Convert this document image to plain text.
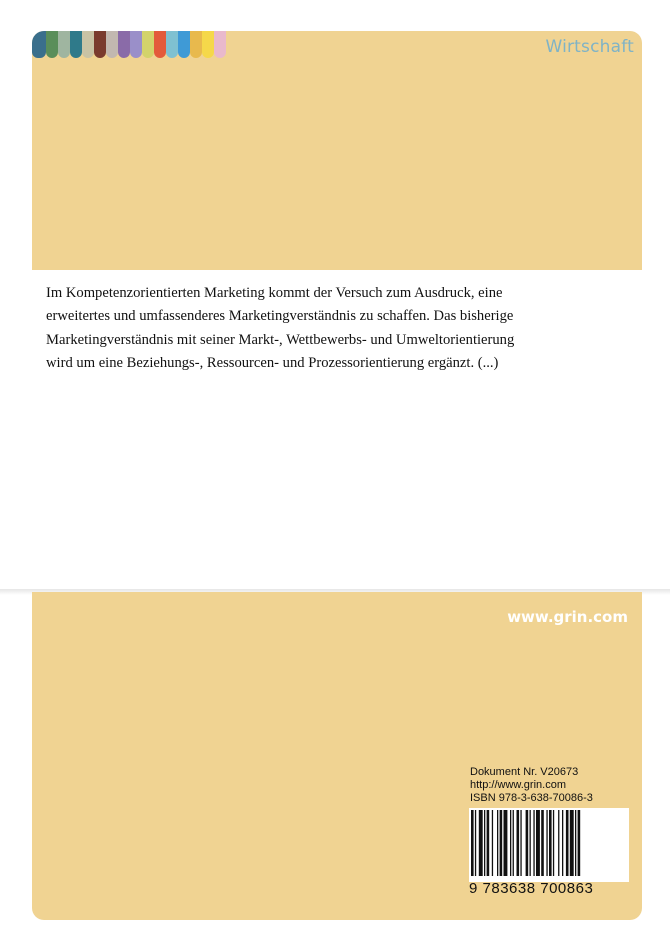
Wirtschaft
Im Kompetenzorientierten Marketing kommt der Versuch zum Ausdruck, eine
erweitertes und umfassenderes Marketingverständnis zu schaffen. Das bisherige
Marketingverständnis mit seiner Markt-, Wettbewerbs- und Umweltorientierung
wird um eine Beziehungs-, Ressourcen- und Prozessorientierung ergänzt. (...)
www.grin.com
Dokument Nr. V20673
http://www.grin.com
ISBN 978-3-638-70086-3
9 783638 700863
